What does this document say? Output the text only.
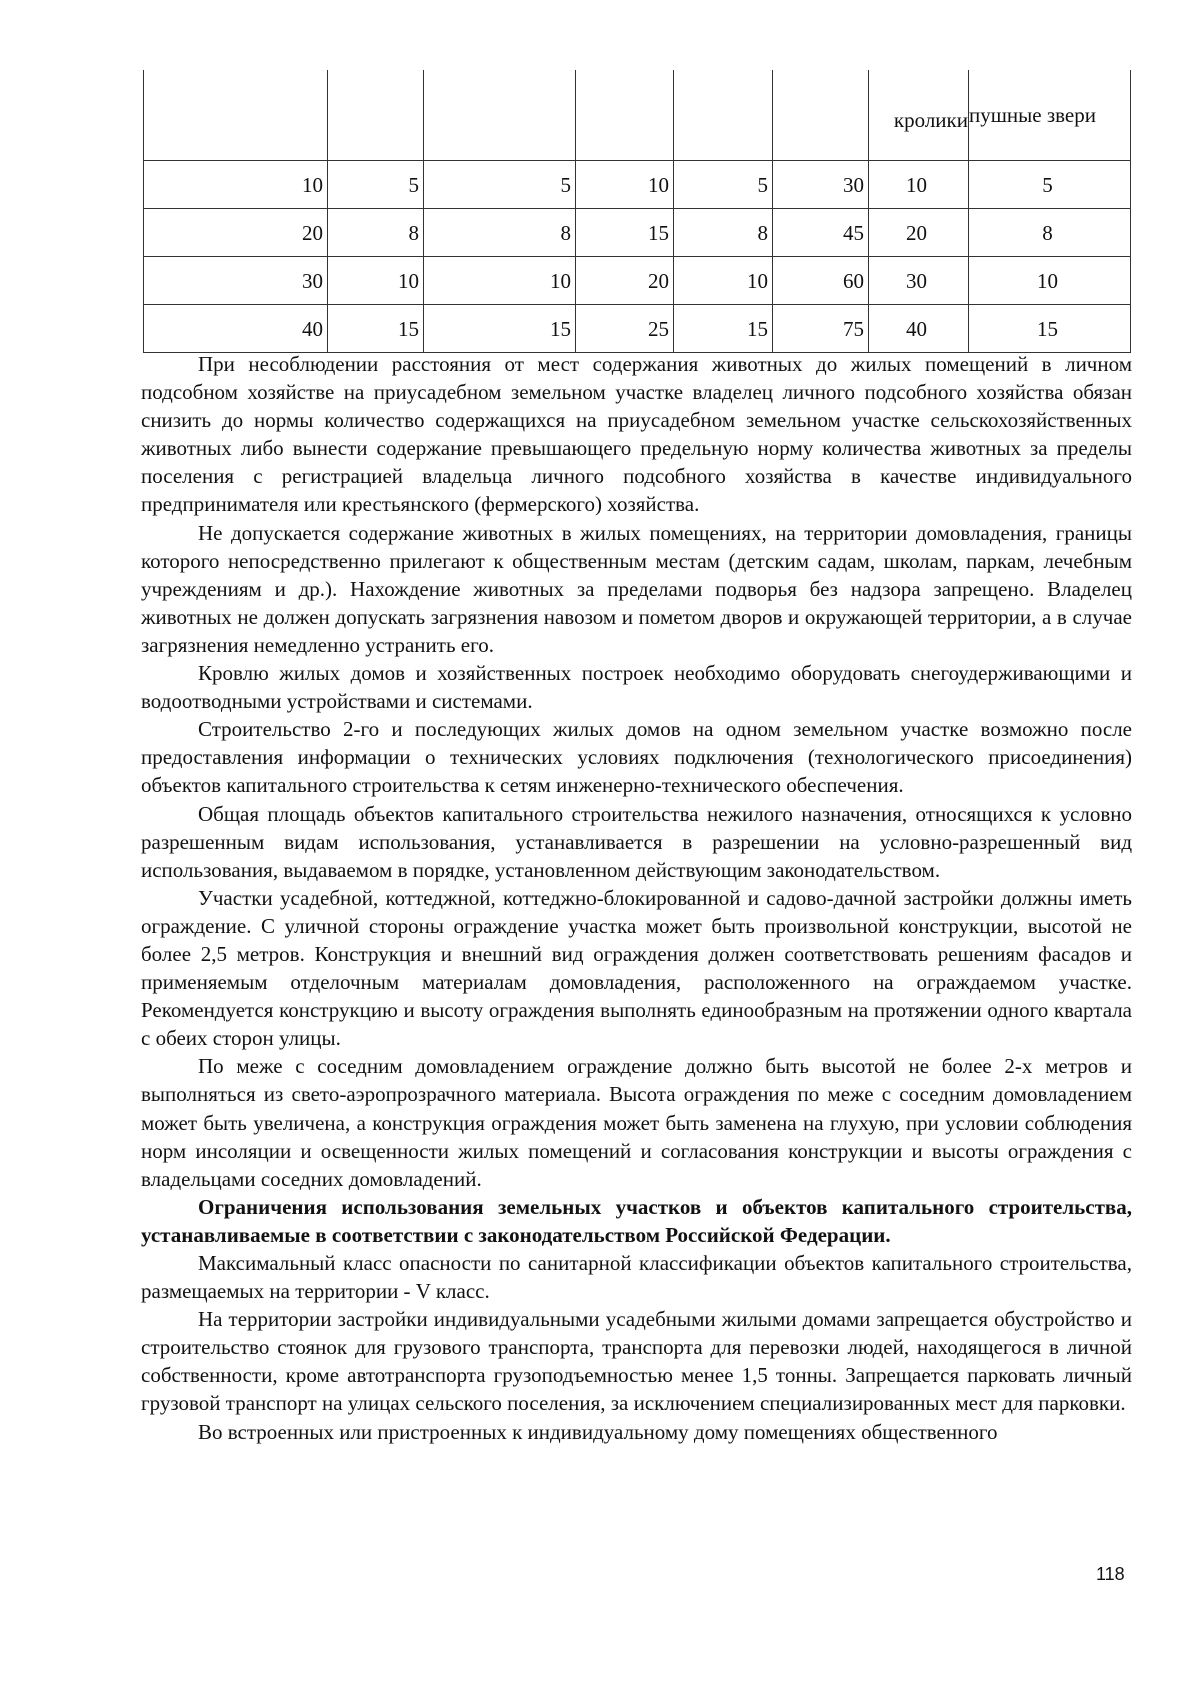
						кролики	пушные звери
10	5	5	10	5	30	10	5
20	8	8	15	8	45	20	8
30	10	10	20	10	60	30	10
40	15	15	25	15	75	40	15

При несоблюдении расстояния от мест содержания животных до жилых помещений в личном подсобном хозяйстве на приусадебном земельном участке владелец личного подсобного хозяйства обязан снизить до нормы количество содержащихся на приусадебном земельном участке сельскохозяйственных животных либо вынести содержание превышающего предельную норму количества животных за пределы поселения с регистрацией владельца личного подсобного хозяйства в качестве индивидуального предпринимателя или крестьянского (фермерского) хозяйства.

Не допускается содержание животных в жилых помещениях, на территории домовладения, границы которого непосредственно прилегают к общественным местам (детским садам, школам, паркам, лечебным учреждениям и др.). Нахождение животных за пределами подворья без надзора запрещено. Владелец животных не должен допускать загрязнения навозом и пометом дворов и окружающей территории, а в случае загрязнения немедленно устранить его.

Кровлю жилых домов и хозяйственных построек необходимо оборудовать снегоудерживающими и водоотводными устройствами и системами.

Строительство 2-го и последующих жилых домов на одном земельном участке возможно после предоставления информации о технических условиях подключения (технологического присоединения) объектов капитального строительства к сетям инженерно-технического обеспечения.

Общая площадь объектов капитального строительства нежилого назначения, относящихся к условно разрешенным видам использования, устанавливается в разрешении на условно-разрешенный вид использования, выдаваемом в порядке, установленном действующим законодательством.

Участки усадебной, коттеджной, коттеджно-блокированной и садово-дачной застройки должны иметь ограждение. С уличной стороны ограждение участка может быть произвольной конструкции, высотой не более 2,5 метров. Конструкция и внешний вид ограждения должен соответствовать решениям фасадов и применяемым отделочным материалам домовладения, расположенного на ограждаемом участке. Рекомендуется конструкцию и высоту ограждения выполнять единообразным на протяжении одного квартала с обеих сторон улицы.

По меже с соседним домовладением ограждение должно быть высотой не более 2-х метров и выполняться из свето-аэропрозрачного материала. Высота ограждения по меже с соседним домовладением может быть увеличена, а конструкция ограждения может быть заменена на глухую, при условии соблюдения норм инсоляции и освещенности жилых помещений и согласования конструкции и высоты ограждения с владельцами соседних домовладений.

Ограничения использования земельных участков и объектов капитального строительства, устанавливаемые в соответствии с законодательством Российской Федерации.

Максимальный класс опасности по санитарной классификации объектов капитального строительства, размещаемых на территории - V класс.

На территории застройки индивидуальными усадебными жилыми домами запрещается обустройство и строительство стоянок для грузового транспорта, транспорта для перевозки людей, находящегося в личной собственности, кроме автотранспорта грузоподъемностью менее 1,5 тонны. Запрещается парковать личный грузовой транспорт на улицах сельского поселения, за исключением специализированных мест для парковки.

Во встроенных или пристроенных к индивидуальному дому помещениях общественного

118
